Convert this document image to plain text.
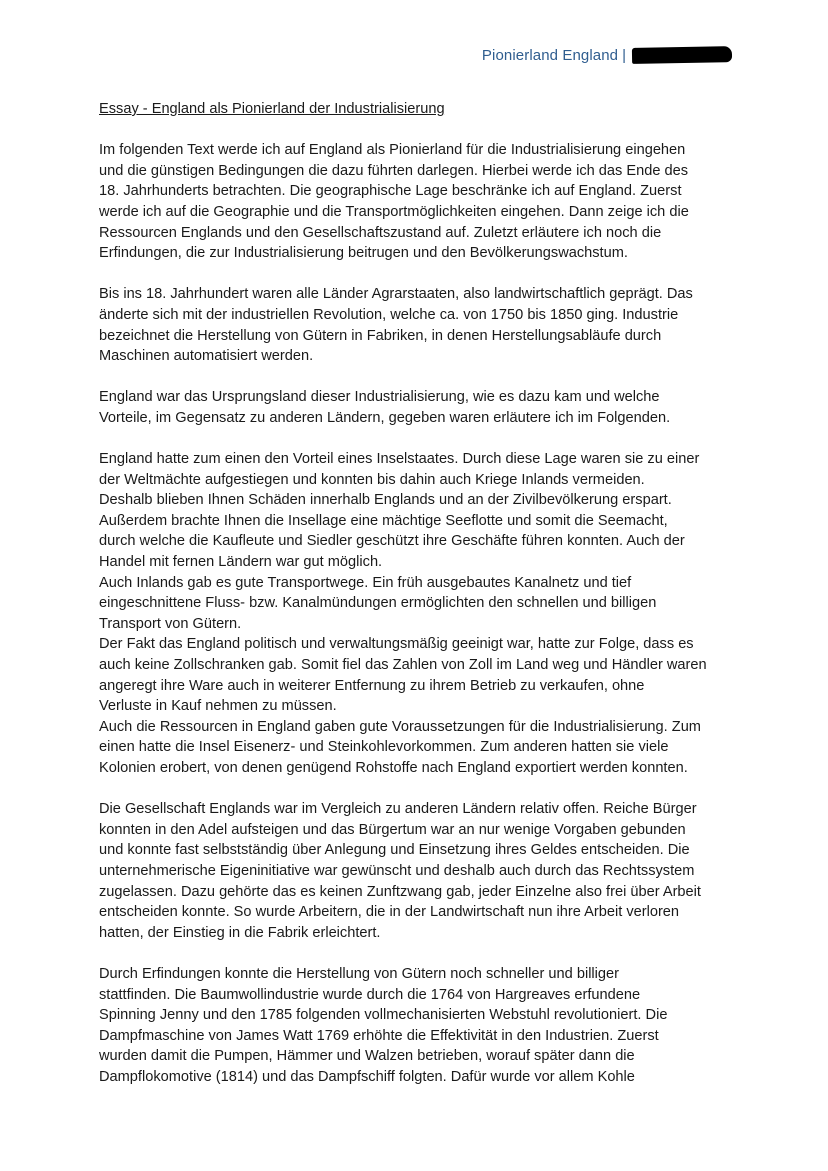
Pionierland England |
Essay - England als Pionierland der Industrialisierung

Im folgenden Text werde ich auf England als Pionierland für die Industrialisierung eingehen
und die günstigen Bedingungen die dazu führten darlegen. Hierbei werde ich das Ende des
18. Jahrhunderts betrachten. Die geographische Lage beschränke ich auf England. Zuerst
werde ich auf die Geographie und die Transportmöglichkeiten eingehen. Dann zeige ich die
Ressourcen Englands und den Gesellschaftszustand auf. Zuletzt erläutere ich noch die
Erfindungen, die zur Industrialisierung beitrugen und den Bevölkerungswachstum.

Bis ins 18. Jahrhundert waren alle Länder Agrarstaaten, also landwirtschaftlich geprägt. Das
änderte sich mit der industriellen Revolution, welche ca. von 1750 bis 1850 ging. Industrie
bezeichnet die Herstellung von Gütern in Fabriken, in denen Herstellungsabläufe durch
Maschinen automatisiert werden.

England war das Ursprungsland dieser Industrialisierung, wie es dazu kam und welche
Vorteile, im Gegensatz zu anderen Ländern, gegeben waren erläutere ich im Folgenden.

England hatte zum einen den Vorteil eines Inselstaates. Durch diese Lage waren sie zu einer
der Weltmächte aufgestiegen und konnten bis dahin auch Kriege Inlands vermeiden.
Deshalb blieben Ihnen Schäden innerhalb Englands und an der Zivilbevölkerung erspart.
Außerdem brachte Ihnen die Insellage eine mächtige Seeflotte und somit die Seemacht,
durch welche die Kaufleute und Siedler geschützt ihre Geschäfte führen konnten. Auch der
Handel mit fernen Ländern war gut möglich.
Auch Inlands gab es gute Transportwege. Ein früh ausgebautes Kanalnetz und tief
eingeschnittene Fluss- bzw. Kanalmündungen ermöglichten den schnellen und billigen
Transport von Gütern.
Der Fakt das England politisch und verwaltungsmäßig geeinigt war, hatte zur Folge, dass es
auch keine Zollschranken gab. Somit fiel das Zahlen von Zoll im Land weg und Händler waren
angeregt ihre Ware auch in weiterer Entfernung zu ihrem Betrieb zu verkaufen, ohne
Verluste in Kauf nehmen zu müssen.
Auch die Ressourcen in England gaben gute Voraussetzungen für die Industrialisierung. Zum
einen hatte die Insel Eisenerz- und Steinkohlevorkommen. Zum anderen hatten sie viele
Kolonien erobert, von denen genügend Rohstoffe nach England exportiert werden konnten.

Die Gesellschaft Englands war im Vergleich zu anderen Ländern relativ offen. Reiche Bürger
konnten in den Adel aufsteigen und das Bürgertum war an nur wenige Vorgaben gebunden
und konnte fast selbstständig über Anlegung und Einsetzung ihres Geldes entscheiden. Die
unternehmerische Eigeninitiative war gewünscht und deshalb auch durch das Rechtssystem
zugelassen. Dazu gehörte das es keinen Zunftzwang gab, jeder Einzelne also frei über Arbeit
entscheiden konnte. So wurde Arbeitern, die in der Landwirtschaft nun ihre Arbeit verloren
hatten, der Einstieg in die Fabrik erleichtert.

Durch Erfindungen konnte die Herstellung von Gütern noch schneller und billiger
stattfinden. Die Baumwollindustrie wurde durch die 1764 von Hargreaves erfundene
Spinning Jenny und den 1785 folgenden vollmechanisierten Webstuhl revolutioniert. Die
Dampfmaschine von James Watt 1769 erhöhte die Effektivität in den Industrien. Zuerst
wurden damit die Pumpen, Hämmer und Walzen betrieben, worauf später dann die
Dampflokomotive (1814) und das Dampfschiff folgten. Dafür wurde vor allem Kohle
